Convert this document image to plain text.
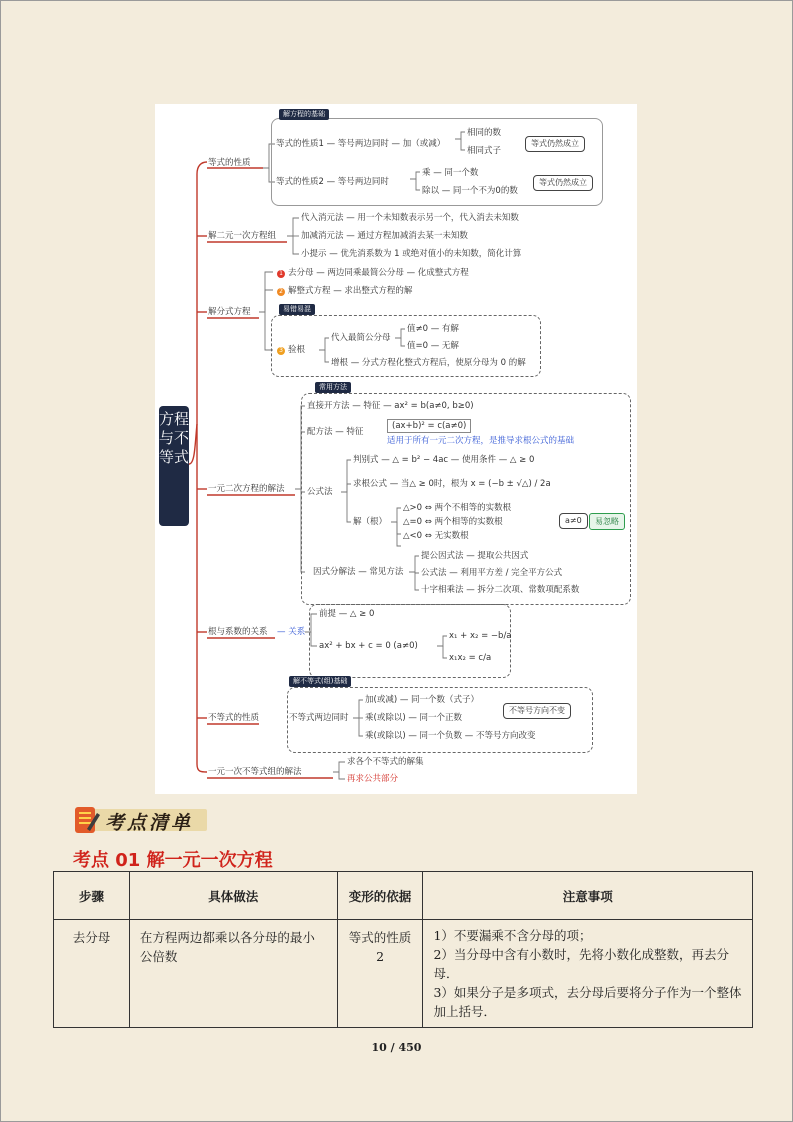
方程与不等式
等式的性质
解二元一次方程组
解分式方程
一元二次方程的解法
根与系数的关系
不等式的性质
一元一次不等式组的解法
解方程的基础
等式的性质1 — 等号两边同时 — 加（或减）
相同的数
相同式子
等式仍然成立
等式的性质2 — 等号两边同时
乘 — 同一个数
除以 — 同一个不为0的数
等式仍然成立
代入消元法 — 用一个未知数表示另一个，代入消去未知数
加减消元法 — 通过方程加减消去某一未知数
小提示 — 优先消系数为 1 或绝对值小的未知数，简化计算
1 去分母 — 两边同乘最简公分母 — 化成整式方程
2 解整式方程 — 求出整式方程的解
易错易混
3 验根
代入最简公分母
值≠0 — 有解
值=0 — 无解
增根 — 分式方程化整式方程后，使原分母为 0 的解
常用方法
直接开方法 — 特征 — ax² = b(a≠0, b≥0)
配方法 — 特征
(ax+b)² = c(a≠0)
适用于所有一元二次方程，是推导求根公式的基础
公式法
判别式 — △ = b² − 4ac — 使用条件 — △ ≥ 0
求根公式 — 当△ ≥ 0时，根为 x = (−b ± √△) / 2a
解（根）
△>0 ⇔ 两个不相等的实数根
△=0 ⇔ 两个相等的实数根
△<0 ⇔ 无实数根
a≠0	易忽略
因式分解法 — 常见方法
提公因式法 — 提取公共因式
公式法 — 利用平方差 / 完全平方公式
十字相乘法 — 拆分二次项、常数项配系数
— 关系
前提 — △ ≥ 0
ax² + bx + c = 0 (a≠0)
x₁ + x₂ = −b/a
x₁x₂ = c/a
解不等式(组)基础
不等式两边同时
加(或减) — 同一个数（式子）
乘(或除以) — 同一个正数
乘(或除以) — 同一个负数 — 不等号方向改变
不等号方向不变
求各个不等式的解集
再求公共部分
考点清单
考点 01 解一元一次方程
步骤	具体做法	变形的依据	注意事项
去分母	在方程两边都乘以各分母的最小公倍数	等式的性质 2	1）不要漏乘不含分母的项；
2）当分母中含有小数时，先将小数化成整数，再去分母．
3）如果分子是多项式，去分母后要将分子作为一个整体加上括号．
10 / 450
